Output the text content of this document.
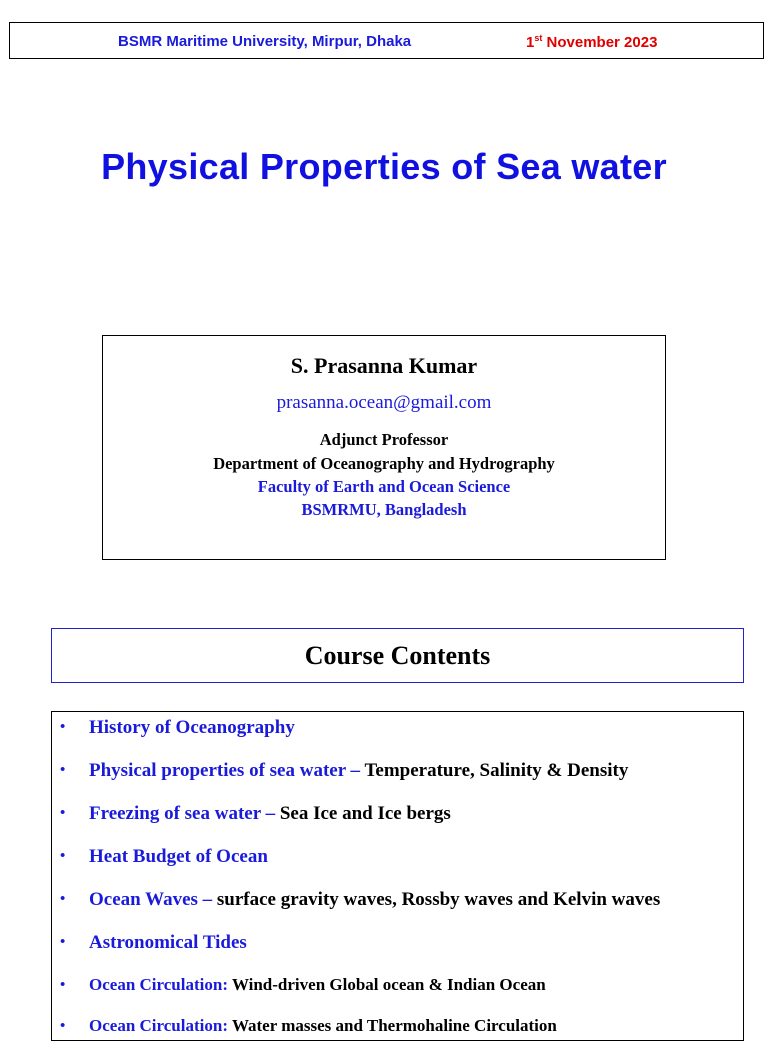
BSMR Maritime University, Mirpur, Dhaka	1st November 2023
Physical Properties of Sea water
S. Prasanna Kumar
prasanna.ocean@gmail.com
Adjunct Professor
Department of Oceanography and Hydrography
Faculty of Earth and Ocean Science
BSMRMU, Bangladesh
Course Contents
• History of Oceanography
• Physical properties of sea water – Temperature, Salinity & Density
• Freezing of sea water – Sea Ice and Ice bergs
• Heat Budget of Ocean
• Ocean Waves – surface gravity waves, Rossby waves and Kelvin waves
• Astronomical Tides
• Ocean Circulation: Wind-driven Global ocean & Indian Ocean
• Ocean Circulation: Water masses and Thermohaline Circulation
